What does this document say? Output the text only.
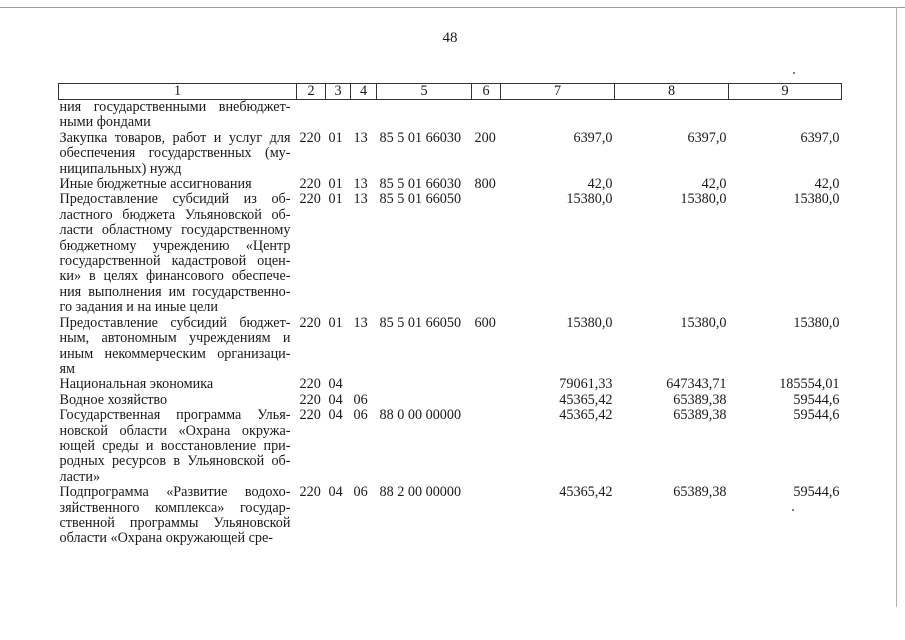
48
1	2	3	4	5	6	7	8	9
ния государственными внебюджет- ными фондами								
Закупка товаров, работ и услуг для обеспечения государственных (му- ниципальных) нужд	220	01	13	85 5 01 66030	200	6397,0	6397,0	6397,0
Иные бюджетные ассигнования	220	01	13	85 5 01 66030	800	42,0	42,0	42,0
Предоставление субсидий из об- ластного бюджета Ульяновской об- ласти областному государственному бюджетному учреждению «Центр государственной кадастровой оцен- ки» в целях финансового обеспече- ния выполнения им государственно- го задания и на иные цели	220	01	13	85 5 01 66050		15380,0	15380,0	15380,0
Предоставление субсидий бюджет- ным, автономным учреждениям и иным некоммерческим организаци- ям	220	01	13	85 5 01 66050	600	15380,0	15380,0	15380,0
Национальная экономика	220	04				79061,33	647343,71	185554,01
Водное хозяйство	220	04	06			45365,42	65389,38	59544,6
Государственная программа Улья- новской области «Охрана окружа- ющей среды и восстановление при- родных ресурсов в Ульяновской об- ласти»	220	04	06	88 0 00 00000		45365,42	65389,38	59544,6
Подпрограмма «Развитие водохо- зяйственного комплекса» государ- ственной программы Ульяновской области «Охрана окружающей сре-	220	04	06	88 2 00 00000		45365,42	65389,38	59544,6
